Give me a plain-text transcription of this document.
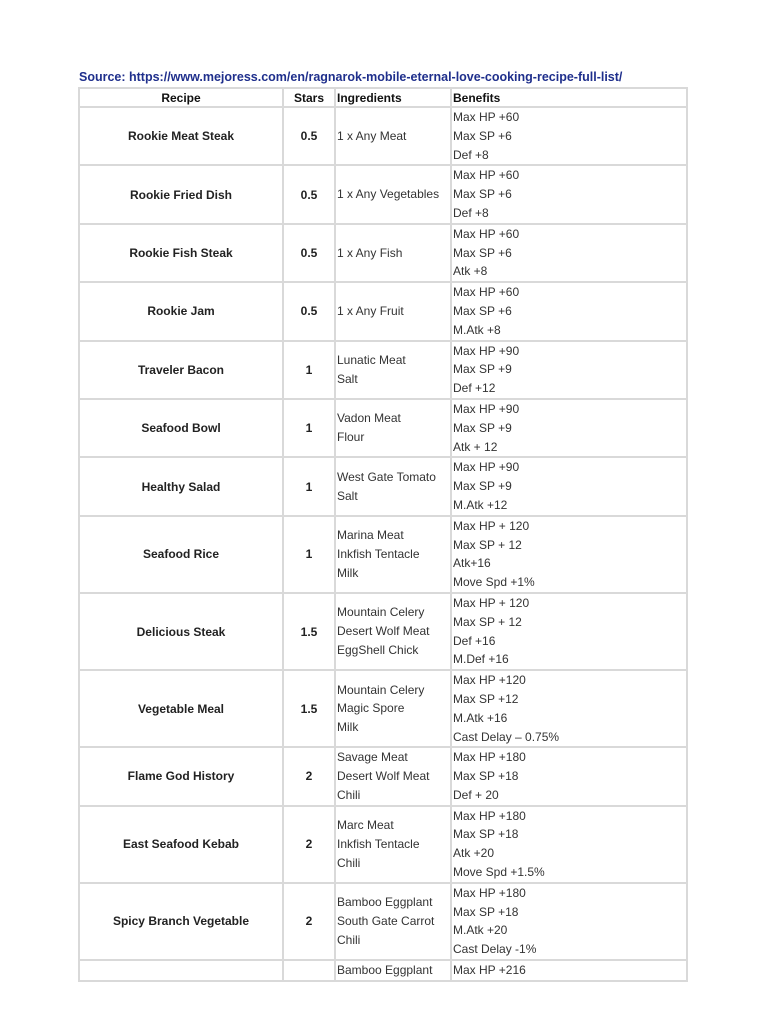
Source: https://www.mejoress.com/en/ragnarok-mobile-eternal-love-cooking-recipe-full-list/
Recipe	Stars	Ingredients	Benefits
Rookie Meat Steak	0.5	1 x Any Meat	Max HP +60
Max SP +6
Def +8

Rookie Fried Dish	0.5	1 x Any Vegetables	Max HP +60
Max SP +6
Def +8

Rookie Fish Steak	0.5	1 x Any Fish	Max HP +60
Max SP +6
Atk +8

Rookie Jam	0.5	1 x Any Fruit	Max HP +60
Max SP +6
M.Atk +8

Traveler Bacon	1	Lunatic Meat
Salt	Max HP +90
Max SP +9
Def +12

Seafood Bowl	1	Vadon Meat
Flour	Max HP +90
Max SP +9
Atk + 12

Healthy Salad	1	West Gate Tomato
Salt	Max HP +90
Max SP +9
M.Atk +12

Seafood Rice	1	Marina Meat
Inkfish Tentacle
Milk	Max HP + 120
Max SP + 12
Atk+16
Move Spd +1%

Delicious Steak	1.5	Mountain Celery
Desert Wolf Meat
EggShell Chick	Max HP + 120
Max SP + 12
Def +16
M.Def +16

Vegetable Meal	1.5	Mountain Celery
Magic Spore
Milk	Max HP +120
Max SP +12
M.Atk +16
Cast Delay – 0.75%

Flame God History	2	Savage Meat
Desert Wolf Meat
Chili	Max HP +180
Max SP +18
Def + 20

East Seafood Kebab	2	Marc Meat
Inkfish Tentacle
Chili	Max HP +180
Max SP +18
Atk +20
Move Spd +1.5%

Spicy Branch Vegetable	2	Bamboo Eggplant
South Gate Carrot
Chili	Max HP +180
Max SP +18
M.Atk +20
Cast Delay -1%

		Bamboo Eggplant	Max HP +216
